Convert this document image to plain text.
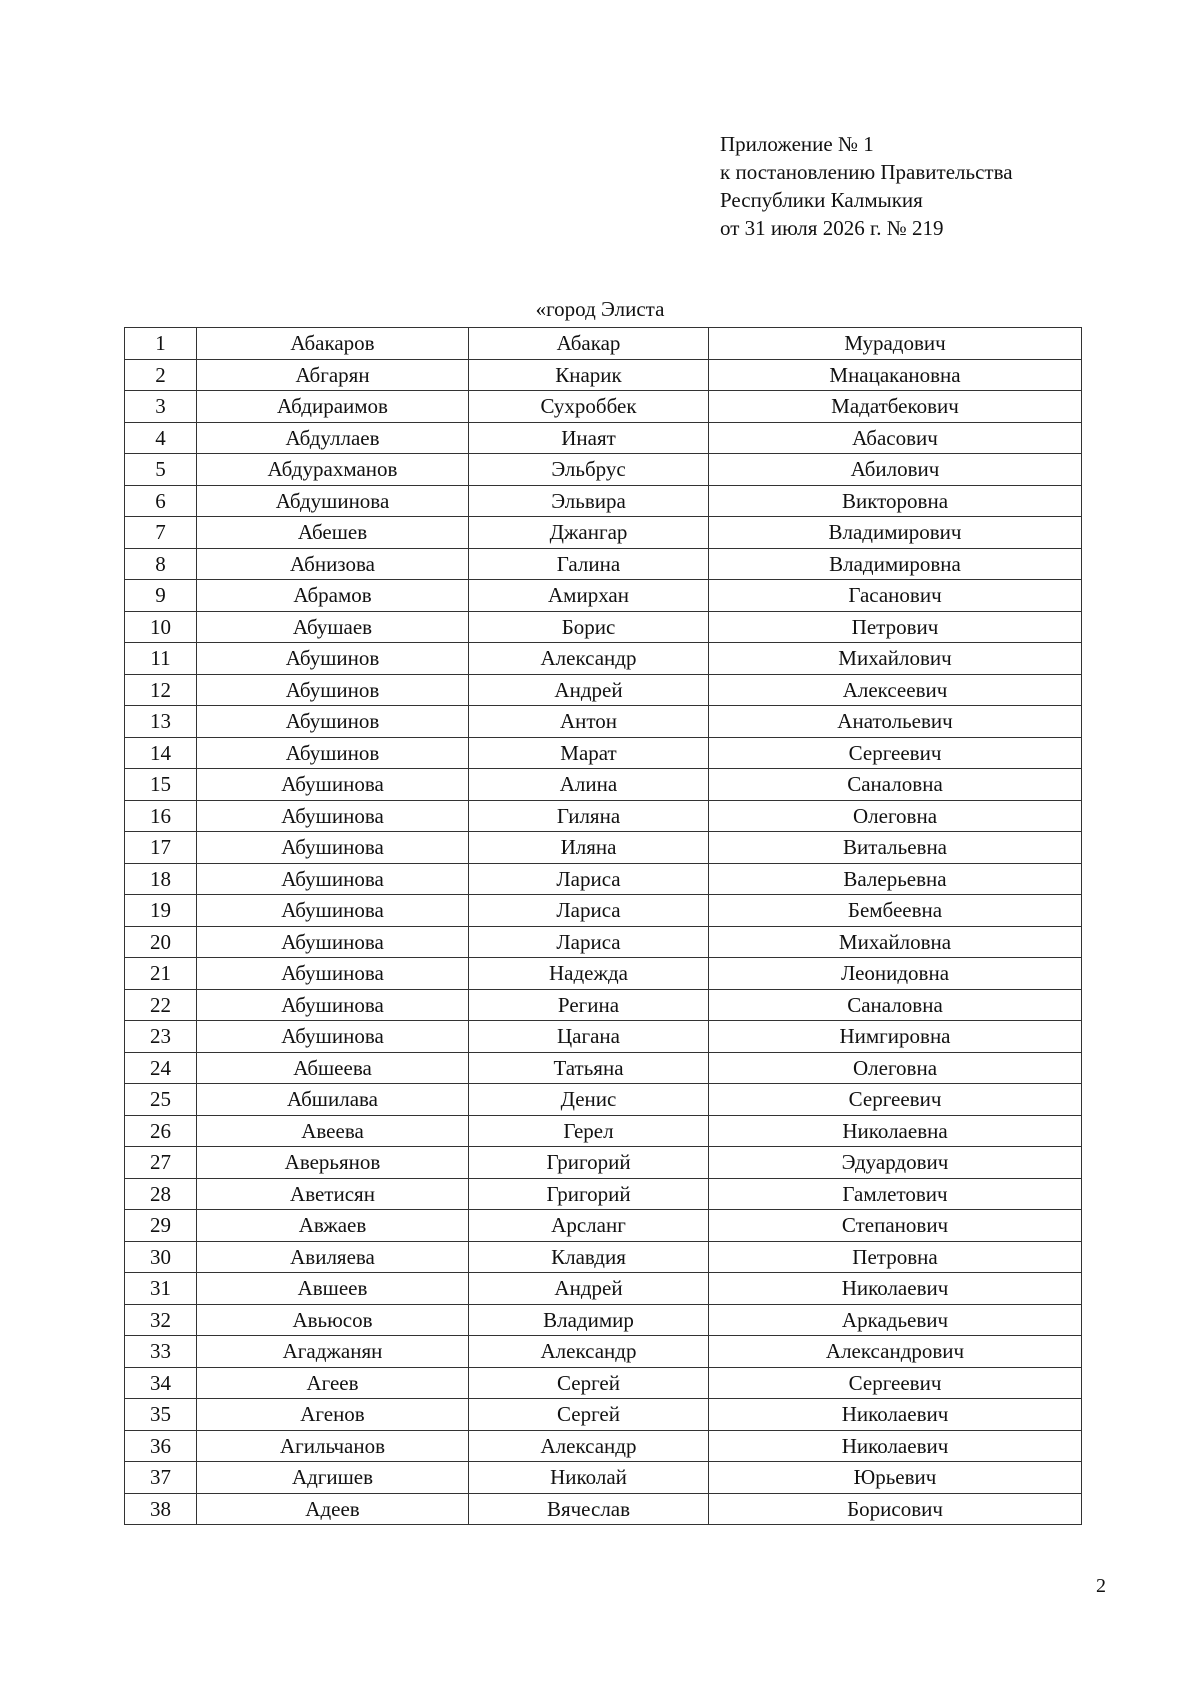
Приложение № 1
к постановлению Правительства
Республики Калмыкия
от 31 июля 2026 г. № 219
«город Элиста
1	Абакаров	Абакар	Мурадович
2	Абгарян	Кнарик	Мнацакановна
3	Абдираимов	Сухроббек	Мадатбекович
4	Абдуллаев	Инаят	Абасович
5	Абдурахманов	Эльбрус	Абилович
6	Абдушинова	Эльвира	Викторовна
7	Абешев	Джангар	Владимирович
8	Абнизова	Галина	Владимировна
9	Абрамов	Амирхан	Гасанович
10	Абушаев	Борис	Петрович
11	Абушинов	Александр	Михайлович
12	Абушинов	Андрей	Алексеевич
13	Абушинов	Антон	Анатольевич
14	Абушинов	Марат	Сергеевич
15	Абушинова	Алина	Саналовна
16	Абушинова	Гиляна	Олеговна
17	Абушинова	Иляна	Витальевна
18	Абушинова	Лариса	Валерьевна
19	Абушинова	Лариса	Бембеевна
20	Абушинова	Лариса	Михайловна
21	Абушинова	Надежда	Леонидовна
22	Абушинова	Регина	Саналовна
23	Абушинова	Цагана	Нимгировна
24	Абшеева	Татьяна	Олеговна
25	Абшилава	Денис	Сергеевич
26	Авеева	Герел	Николаевна
27	Аверьянов	Григорий	Эдуардович
28	Аветисян	Григорий	Гамлетович
29	Авжаев	Арсланг	Степанович
30	Авиляева	Клавдия	Петровна
31	Авшеев	Андрей	Николаевич
32	Авьюсов	Владимир	Аркадьевич
33	Агаджанян	Александр	Александрович
34	Агеев	Сергей	Сергеевич
35	Агенов	Сергей	Николаевич
36	Агильчанов	Александр	Николаевич
37	Адгишев	Николай	Юрьевич
38	Адеев	Вячеслав	Борисович
2
